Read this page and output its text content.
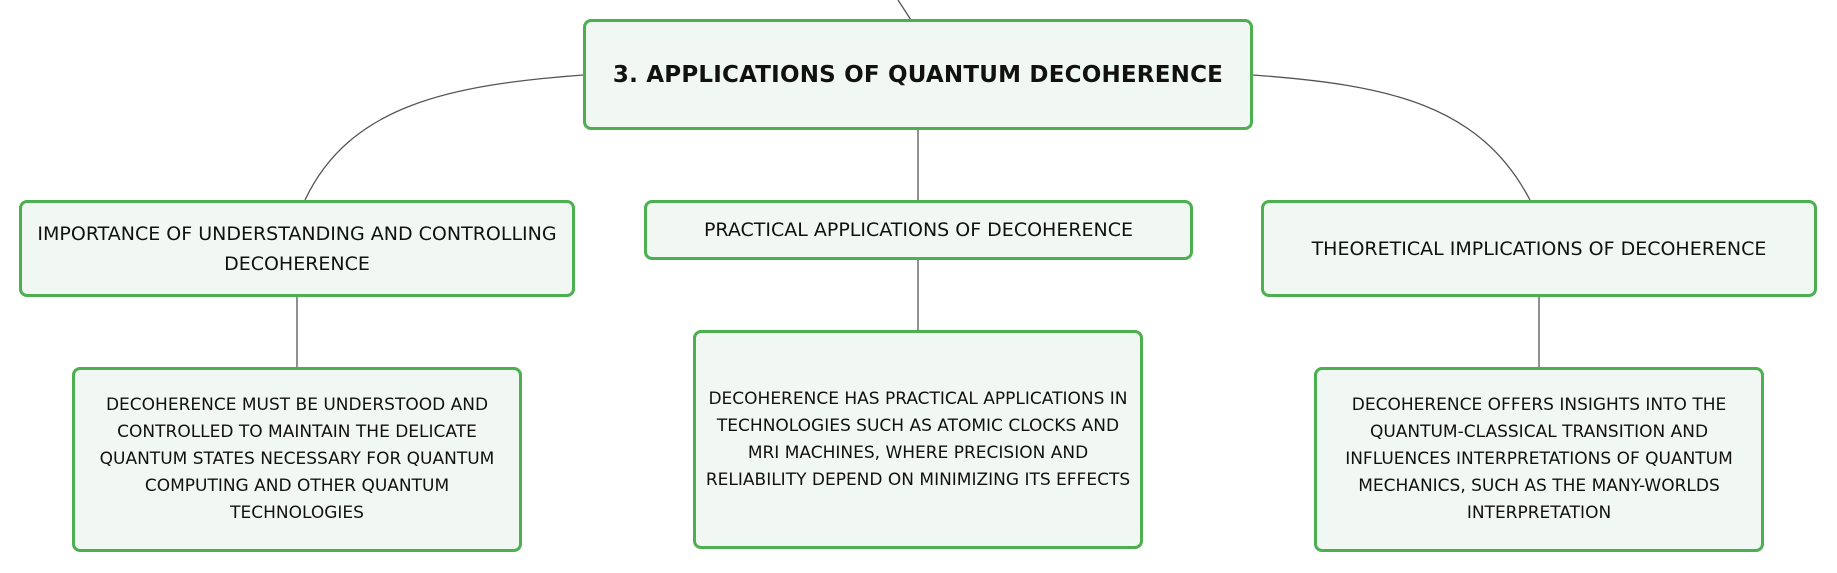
3. APPLICATIONS OF QUANTUM DECOHERENCE
IMPORTANCE OF UNDERSTANDING AND CONTROLLING DECOHERENCE
PRACTICAL APPLICATIONS OF DECOHERENCE
THEORETICAL IMPLICATIONS OF DECOHERENCE
DECOHERENCE MUST BE UNDERSTOOD AND CONTROLLED TO MAINTAIN THE DELICATE QUANTUM STATES NECESSARY FOR QUANTUM COMPUTING AND OTHER QUANTUM TECHNOLOGIES
DECOHERENCE HAS PRACTICAL APPLICATIONS IN TECHNOLOGIES SUCH AS ATOMIC CLOCKS AND MRI MACHINES, WHERE PRECISION AND RELIABILITY DEPEND ON MINIMIZING ITS EFFECTS
DECOHERENCE OFFERS INSIGHTS INTO THE QUANTUM-CLASSICAL TRANSITION AND INFLUENCES INTERPRETATIONS OF QUANTUM MECHANICS, SUCH AS THE MANY-WORLDS INTERPRETATION
